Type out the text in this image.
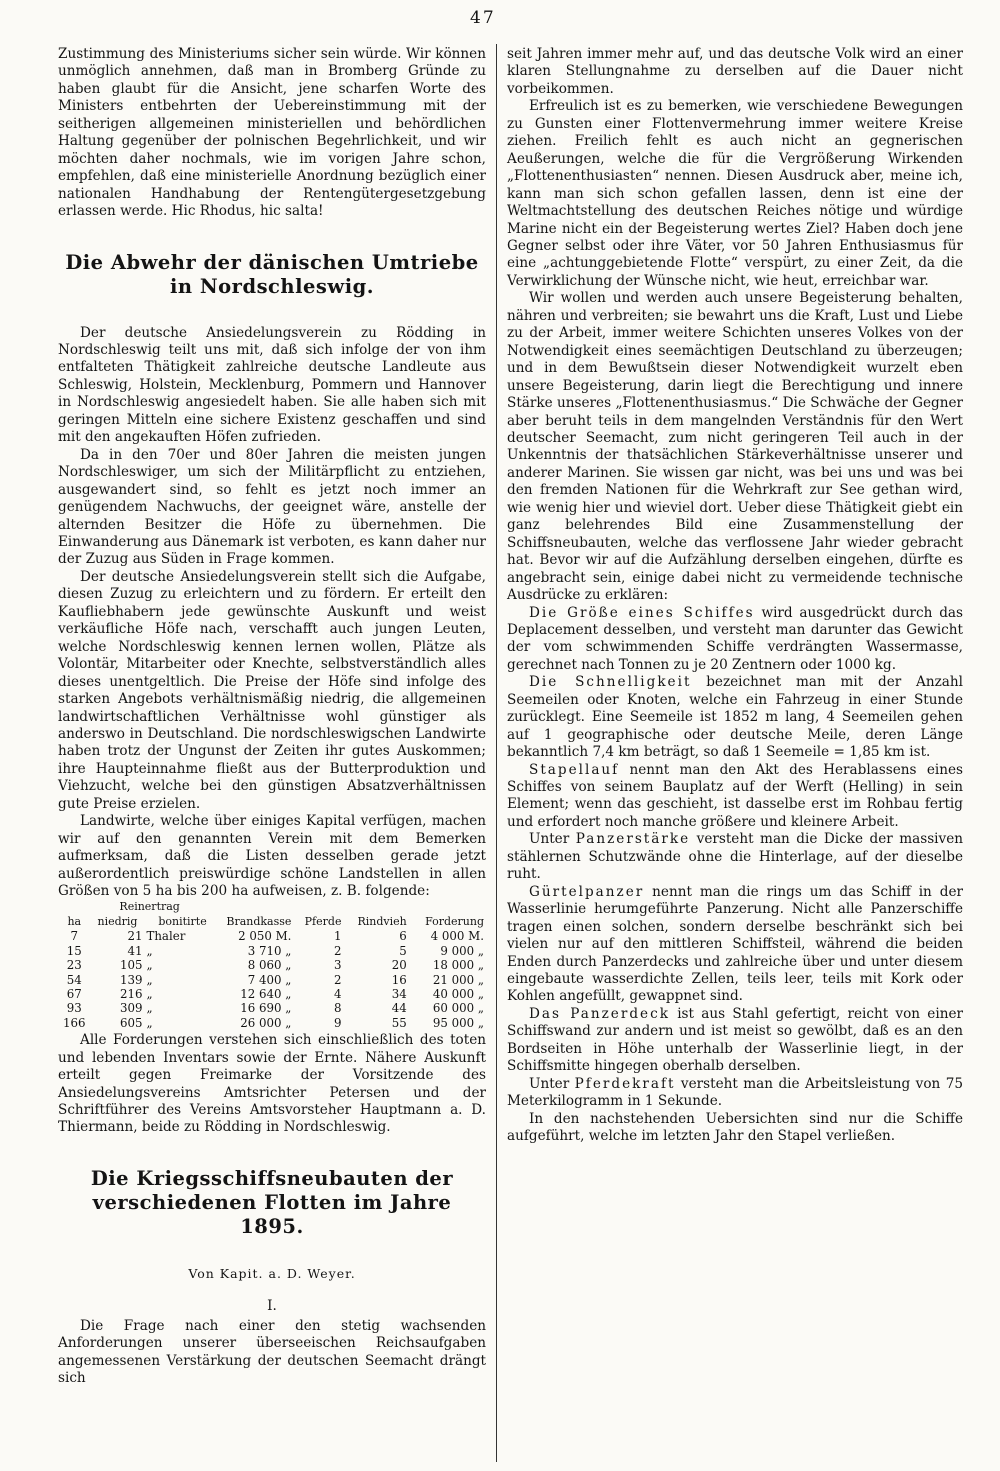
47

Zustimmung des Ministeriums sicher sein würde. Wir können unmöglich annehmen, daß man in Bromberg Gründe zu haben glaubt für die Ansicht, jene scharfen Worte des Ministers entbehrten der Uebereinstimmung mit der seitherigen allgemeinen ministeriellen und behördlichen Haltung gegenüber der polnischen Begehrlichkeit, und wir möchten daher nochmals, wie im vorigen Jahre schon, empfehlen, daß eine ministerielle Anordnung bezüglich einer nationalen Handhabung der Rentengütergesetzgebung erlassen werde. Hic Rhodus, hic salta!

Die Abwehr der dänischen Umtriebe in Nordschleswig.

Der deutsche Ansiedelungsverein zu Rödding in Nordschleswig teilt uns mit, daß sich infolge der von ihm entfalteten Thätigkeit zahlreiche deutsche Landleute aus Schleswig, Holstein, Mecklenburg, Pommern und Hannover in Nordschleswig angesiedelt haben. Sie alle haben sich mit geringen Mitteln eine sichere Existenz geschaffen und sind mit den angekauften Höfen zufrieden.

Da in den 70er und 80er Jahren die meisten jungen Nordschleswiger, um sich der Militärpflicht zu entziehen, ausgewandert sind, so fehlt es jetzt noch immer an genügendem Nachwuchs, der geeignet wäre, anstelle der alternden Besitzer die Höfe zu übernehmen. Die Einwanderung aus Dänemark ist verboten, es kann daher nur der Zuzug aus Süden in Frage kommen.

Der deutsche Ansiedelungsverein stellt sich die Aufgabe, diesen Zuzug zu erleichtern und zu fördern. Er erteilt den Kaufliebhabern jede gewünschte Auskunft und weist verkäufliche Höfe nach, verschafft auch jungen Leuten, welche Nordschleswig kennen lernen wollen, Plätze als Volontär, Mitarbeiter oder Knechte, selbstverständlich alles dieses unentgeltlich. Die Preise der Höfe sind infolge des starken Angebots verhältnismäßig niedrig, die allgemeinen landwirtschaftlichen Verhältnisse wohl günstiger als anderswo in Deutschland. Die nordschleswigschen Landwirte haben trotz der Ungunst der Zeiten ihr gutes Auskommen; ihre Haupteinnahme fließt aus der Butterproduktion und Viehzucht, welche bei den günstigen Absatzverhältnissen gute Preise erzielen.

Landwirte, welche über einiges Kapital verfügen, machen wir auf den genannten Verein mit dem Bemerken aufmerksam, daß die Listen desselben gerade jetzt außerordentlich preiswürdige schöne Landstellen in allen Größen von 5 ha bis 200 ha aufweisen, z. B. folgende:

	Reinertrag					
ha	niedrig	bonitirte	Brandkasse	Pferde	Rindvieh	Forderung
7	21	Thaler	2 050 M.	1	6	4 000 M.
15	41	„	3 710 „	2	5	9 000 „
23	105	„	8 060 „	3	20	18 000 „
54	139	„	7 400 „	2	16	21 000 „
67	216	„	12 640 „	4	34	40 000 „
93	309	„	16 690 „	8	44	60 000 „
166	605	„	26 000 „	9	55	95 000 „

Alle Forderungen verstehen sich einschließlich des toten und lebenden Inventars sowie der Ernte. Nähere Auskunft erteilt gegen Freimarke der Vorsitzende des Ansiedelungsvereins Amtsrichter Petersen und der Schriftführer des Vereins Amtsvorsteher Hauptmann a. D. Thiermann, beide zu Rödding in Nordschleswig.

Die Kriegsschiffsneubauten der verschiedenen Flotten im Jahre 1895.
Von Kapit. a. D. Weyer.
I.

Die Frage nach einer den stetig wachsenden Anforderungen unserer überseeischen Reichsaufgaben angemessenen Verstärkung der deutschen Seemacht drängt sich

seit Jahren immer mehr auf, und das deutsche Volk wird an einer klaren Stellungnahme zu derselben auf die Dauer nicht vorbeikommen.

Erfreulich ist es zu bemerken, wie verschiedene Bewegungen zu Gunsten einer Flottenvermehrung immer weitere Kreise ziehen. Freilich fehlt es auch nicht an gegnerischen Aeußerungen, welche die für die Vergrößerung Wirkenden „Flottenenthusiasten“ nennen. Diesen Ausdruck aber, meine ich, kann man sich schon gefallen lassen, denn ist eine der Weltmachtstellung des deutschen Reiches nötige und würdige Marine nicht ein der Begeisterung wertes Ziel? Haben doch jene Gegner selbst oder ihre Väter, vor 50 Jahren Enthusiasmus für eine „achtunggebietende Flotte“ verspürt, zu einer Zeit, da die Verwirklichung der Wünsche nicht, wie heut, erreichbar war.

Wir wollen und werden auch unsere Begeisterung behalten, nähren und verbreiten; sie bewahrt uns die Kraft, Lust und Liebe zu der Arbeit, immer weitere Schichten unseres Volkes von der Notwendigkeit eines seemächtigen Deutschland zu überzeugen; und in dem Bewußtsein dieser Notwendigkeit wurzelt eben unsere Begeisterung, darin liegt die Berechtigung und innere Stärke unseres „Flottenenthusiasmus.“ Die Schwäche der Gegner aber beruht teils in dem mangelnden Verständnis für den Wert deutscher Seemacht, zum nicht geringeren Teil auch in der Unkenntnis der thatsächlichen Stärkeverhältnisse unserer und anderer Marinen. Sie wissen gar nicht, was bei uns und was bei den fremden Nationen für die Wehrkraft zur See gethan wird, wie wenig hier und wieviel dort. Ueber diese Thätigkeit giebt ein ganz belehrendes Bild eine Zusammenstellung der Schiffsneubauten, welche das verflossene Jahr wieder gebracht hat. Bevor wir auf die Aufzählung derselben eingehen, dürfte es angebracht sein, einige dabei nicht zu vermeidende technische Ausdrücke zu erklären:

Die Größe eines Schiffes wird ausgedrückt durch das Deplacement desselben, und versteht man darunter das Gewicht der vom schwimmenden Schiffe verdrängten Wassermasse, gerechnet nach Tonnen zu je 20 Zentnern oder 1000 kg.

Die Schnelligkeit bezeichnet man mit der Anzahl Seemeilen oder Knoten, welche ein Fahrzeug in einer Stunde zurücklegt. Eine Seemeile ist 1852 m lang, 4 Seemeilen gehen auf 1 geographische oder deutsche Meile, deren Länge bekanntlich 7,4 km beträgt, so daß 1 Seemeile = 1,85 km ist.

Stapellauf nennt man den Akt des Herablassens eines Schiffes von seinem Bauplatz auf der Werft (Helling) in sein Element; wenn das geschieht, ist dasselbe erst im Rohbau fertig und erfordert noch manche größere und kleinere Arbeit.

Unter Panzerstärke versteht man die Dicke der massiven stählernen Schutzwände ohne die Hinterlage, auf der dieselbe ruht.

Gürtelpanzer nennt man die rings um das Schiff in der Wasserlinie herumgeführte Panzerung. Nicht alle Panzerschiffe tragen einen solchen, sondern derselbe beschränkt sich bei vielen nur auf den mittleren Schiffsteil, während die beiden Enden durch Panzerdecks und zahlreiche über und unter diesem eingebaute wasserdichte Zellen, teils leer, teils mit Kork oder Kohlen angefüllt, gewappnet sind.

Das Panzerdeck ist aus Stahl gefertigt, reicht von einer Schiffswand zur andern und ist meist so gewölbt, daß es an den Bordseiten in Höhe unterhalb der Wasserlinie liegt, in der Schiffsmitte hingegen oberhalb derselben.

Unter Pferdekraft versteht man die Arbeitsleistung von 75 Meterkilogramm in 1 Sekunde.

In den nachstehenden Uebersichten sind nur die Schiffe aufgeführt, welche im letzten Jahr den Stapel verließen.
